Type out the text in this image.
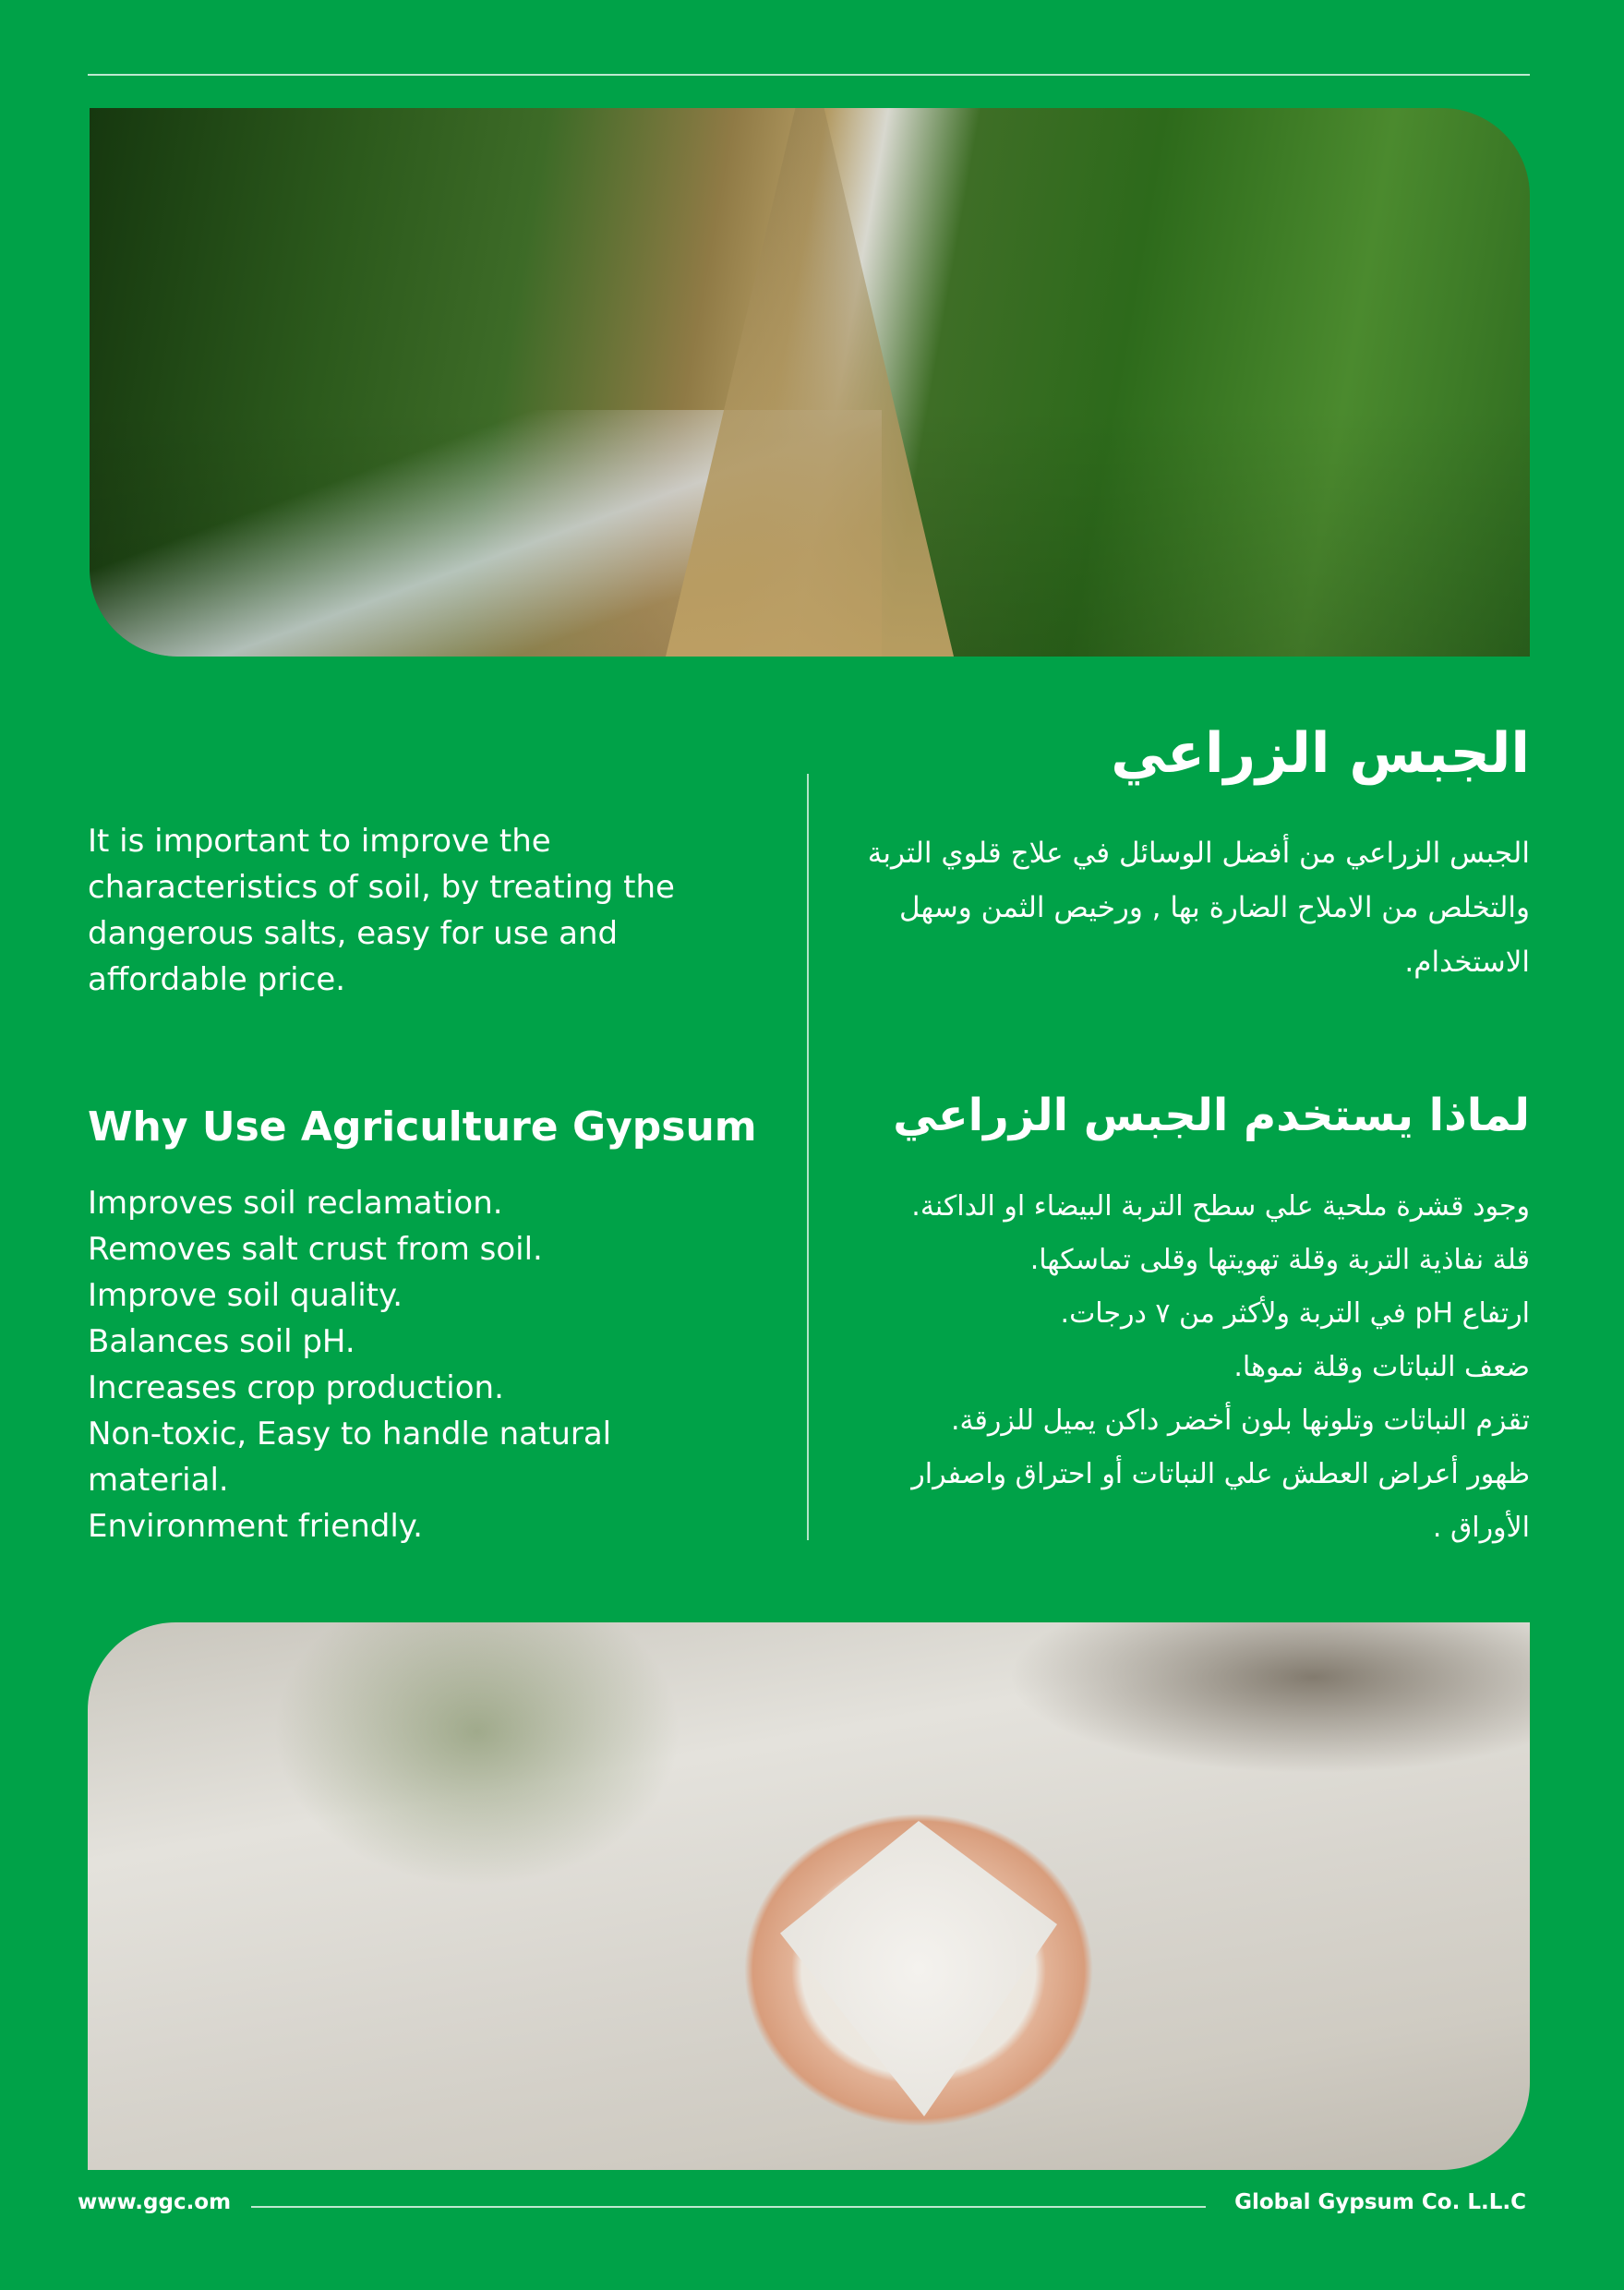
الجبس الزراعي

It is important to improve the characteristics of soil, by treating the dangerous salts, easy for use and affordable price.

الجبس الزراعي من أفضل الوسائل في علاج قلوي التربة والتخلص من الاملاح الضارة بها , ورخيص الثمن وسهل الاستخدام.

Why Use Agriculture Gypsum	لماذا يستخدم الجبس الزراعي
Improves soil reclamation.
Removes salt crust from soil.
Improve soil quality.
Balances soil pH.
Increases crop production.
Non-toxic, Easy to handle natural material.
Environment friendly.
وجود قشرة ملحية علي سطح التربة البيضاء او الداكنة.
قلة نفاذية التربة وقلة تهويتها وقلى تماسكها.
ارتفاع pH في التربة ولأكثر من ٧ درجات.
ضعف النباتات وقلة نموها.
تقزم النباتات وتلونها بلون أخضر داكن يميل للزرقة.
ظهور أعراض العطش علي النباتات أو احتراق واصفرار الأوراق .
www.ggc.om	Global Gypsum Co. L.L.C
